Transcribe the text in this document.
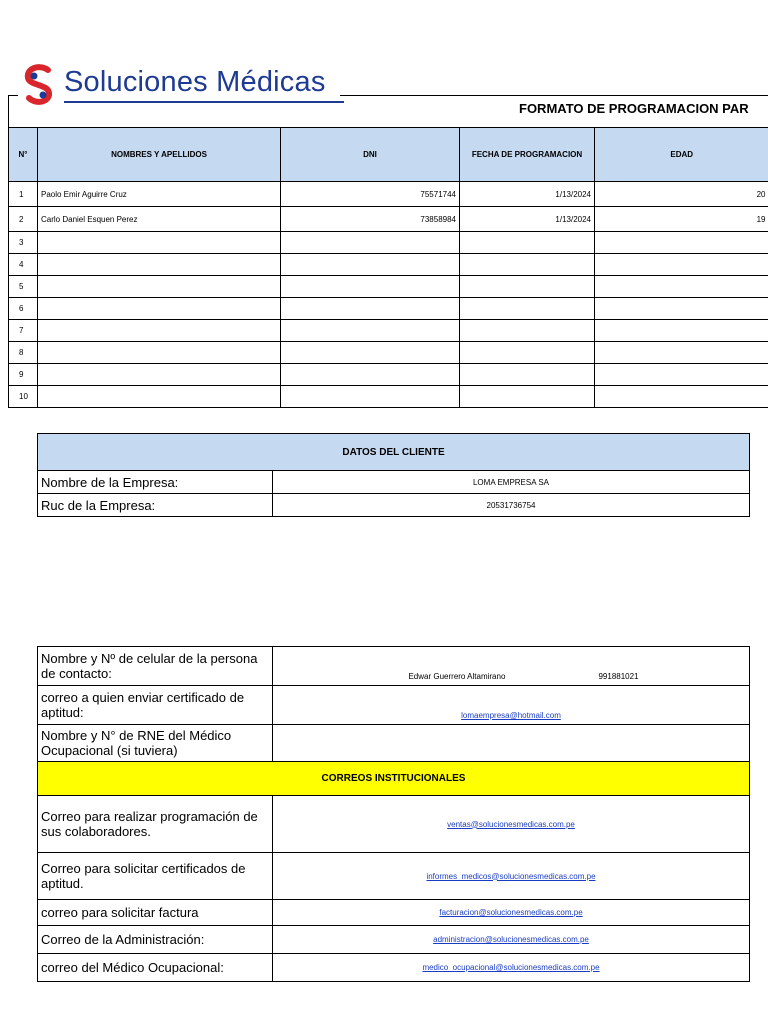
Soluciones Médicas
FORMATO DE PROGRAMACION PAR
N°	NOMBRES Y APELLIDOS	DNI	FECHA DE PROGRAMACION	EDAD
1	Paolo Emir Aguirre Cruz	75571744	1/13/2024	20
2	Carlo Daniel Esquen Perez	73858984	1/13/2024	19
3				
4				
5				
6				
7				
8				
9				
10				
DATOS DEL CLIENTE	
Nombre de la Empresa:	LOMA EMPRESA SA
Ruc de la Empresa:	20531736754
Nombre y Nº de celular de la persona de contacto:	Edwar Guerrero Altamirano 991881021
correo a quien enviar certificado de aptitud:	lomaempresa@hotmail.com
Nombre y N° de RNE del Médico Ocupacional (si tuviera)	
CORREOS INSTITUCIONALES	
Correo para realizar programación de sus colaboradores.	ventas@solucionesmedicas.com.pe
Correo para solicitar certificados de aptitud.	informes_medicos@solucionesmedicas.com.pe
correo para solicitar factura	facturacion@solucionesmedicas.com.pe
Correo de la Administración:	administracion@solucionesmedicas.com.pe
correo del Médico Ocupacional:	medico_ocupacional@solucionesmedicas.com.pe
